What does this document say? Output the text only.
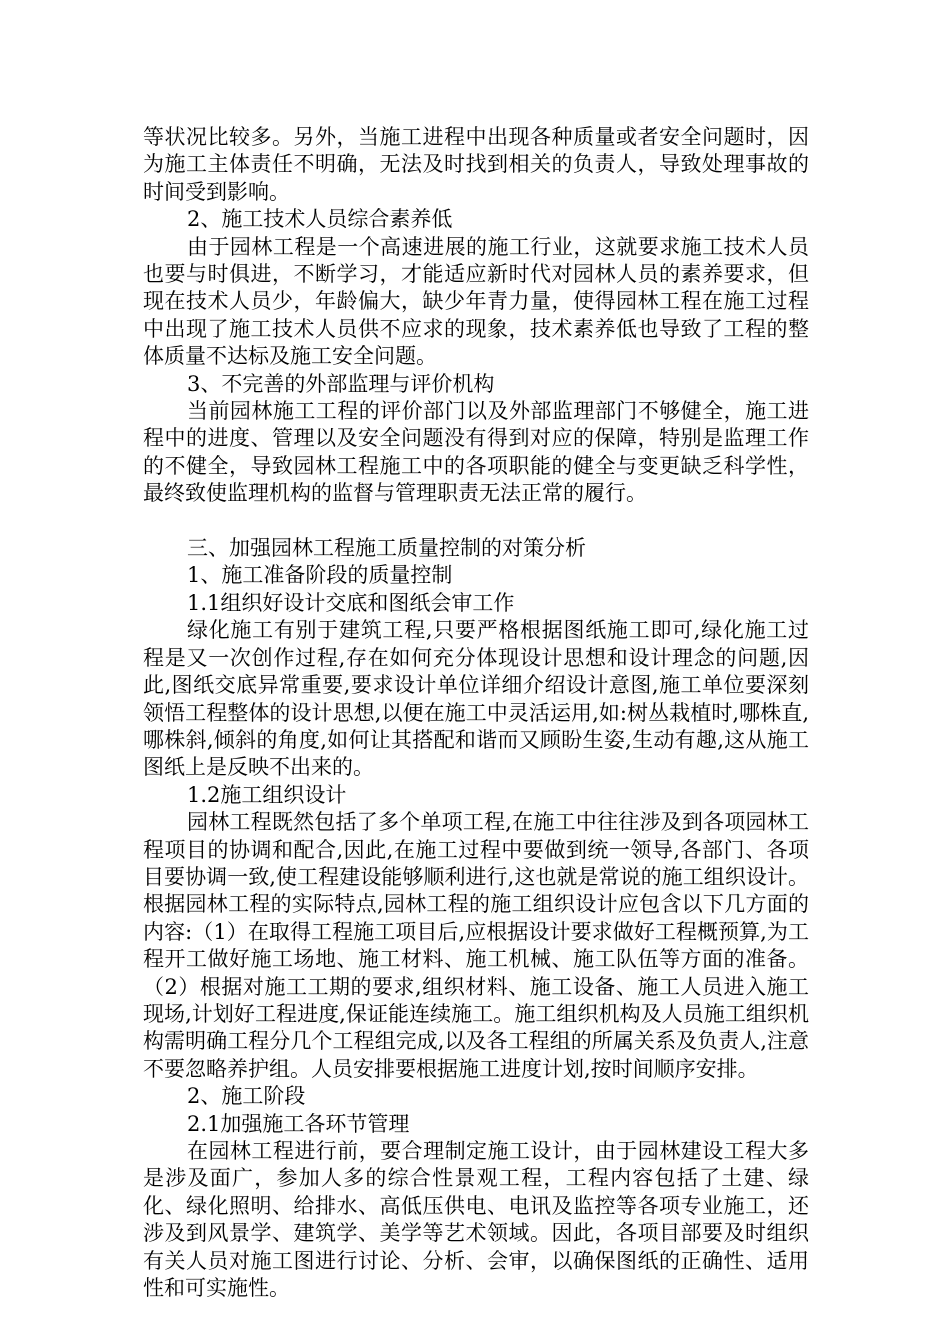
等状况比较多。另外，当施工进程中出现各种质量或者安全问题时，因为施工主体责任不明确，无法及时找到相关的负责人，导致处理事故的时间受到影响。

2、施工技术人员综合素养低

由于园林工程是一个高速进展的施工行业，这就要求施工技术人员也要与时俱进，不断学习，才能适应新时代对园林人员的素养要求，但现在技术人员少，年龄偏大，缺少年青力量，使得园林工程在施工过程中出现了施工技术人员供不应求的现象，技术素养低也导致了工程的整体质量不达标及施工安全问题。

3、不完善的外部监理与评价机构

当前园林施工工程的评价部门以及外部监理部门不够健全，施工进程中的进度、管理以及安全问题没有得到对应的保障，特别是监理工作的不健全，导致园林工程施工中的各项职能的健全与变更缺乏科学性，最终致使监理机构的监督与管理职责无法正常的履行。

三、加强园林工程施工质量控制的对策分析

1、施工准备阶段的质量控制

1.1组织好设计交底和图纸会审工作

绿化施工有别于建筑工程,只要严格根据图纸施工即可,绿化施工过程是又一次创作过程,存在如何充分体现设计思想和设计理念的问题,因此,图纸交底异常重要,要求设计单位详细介绍设计意图,施工单位要深刻领悟工程整体的设计思想,以便在施工中灵活运用,如:树丛栽植时,哪株直,哪株斜,倾斜的角度,如何让其搭配和谐而又顾盼生姿,生动有趣,这从施工图纸上是反映不出来的。

1.2施工组织设计

园林工程既然包括了多个单项工程,在施工中往往涉及到各项园林工程项目的协调和配合,因此,在施工过程中要做到统一领导,各部门、各项目要协调一致,使工程建设能够顺利进行,这也就是常说的施工组织设计。根据园林工程的实际特点,园林工程的施工组织设计应包含以下几方面的内容:（1）在取得工程施工项目后,应根据设计要求做好工程概预算,为工程开工做好施工场地、施工材料、施工机械、施工队伍等方面的准备。（2）根据对施工工期的要求,组织材料、施工设备、施工人员进入施工现场,计划好工程进度,保证能连续施工。施工组织机构及人员施工组织机构需明确工程分几个工程组完成,以及各工程组的所属关系及负责人,注意不要忽略养护组。人员安排要根据施工进度计划,按时间顺序安排。

2、施工阶段

2.1加强施工各环节管理

在园林工程进行前，要合理制定施工设计，由于园林建设工程大多是涉及面广，参加人多的综合性景观工程，工程内容包括了土建、绿化、绿化照明、给排水、高低压供电、电讯及监控等各项专业施工，还涉及到风景学、建筑学、美学等艺术领域。因此，各项目部要及时组织有关人员对施工图进行讨论、分析、会审，以确保图纸的正确性、适用性和可实施性。
